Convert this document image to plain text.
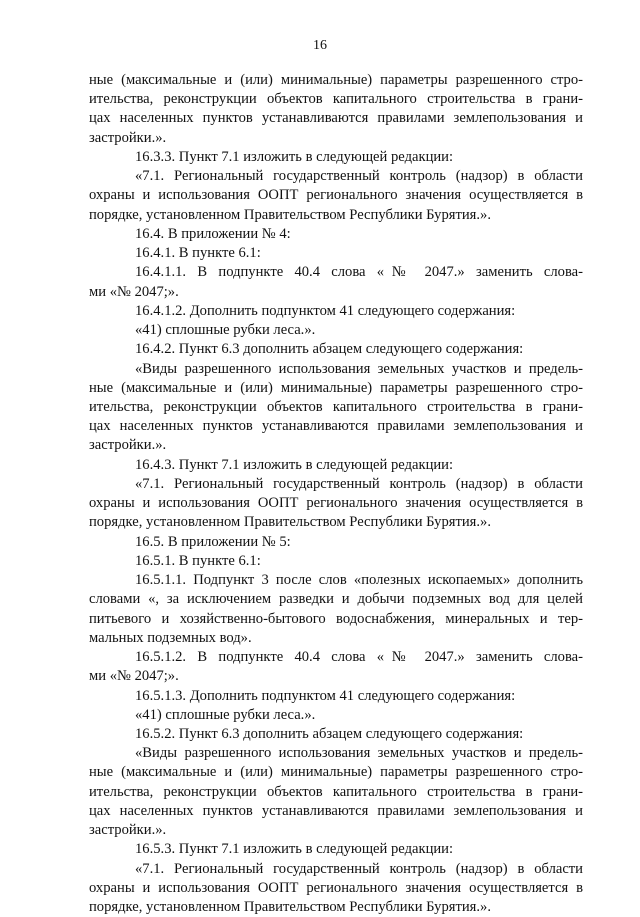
16
ные (максимальные и (или) минимальные) параметры разрешенного стро-
ительства, реконструкции объектов капитального строительства в грани-
цах населенных пунктов устанавливаются правилами землепользования и
застройки.».
16.3.3. Пункт 7.1 изложить в следующей редакции:
«7.1. Региональный государственный контроль (надзор) в области
охраны и использования ООПТ регионального значения осуществляется в
порядке, установленном Правительством Республики Бурятия.».
16.4. В приложении № 4:
16.4.1. В пункте 6.1:
16.4.1.1. В подпункте 40.4 слова «№ 2047.» заменить слова-
ми «№ 2047;».
16.4.1.2. Дополнить подпунктом 41 следующего содержания:
«41) сплошные рубки леса.».
16.4.2. Пункт 6.3 дополнить абзацем следующего содержания:
«Виды разрешенного использования земельных участков и предель-
ные (максимальные и (или) минимальные) параметры разрешенного стро-
ительства, реконструкции объектов капитального строительства в грани-
цах населенных пунктов устанавливаются правилами землепользования и
застройки.».
16.4.3. Пункт 7.1 изложить в следующей редакции:
«7.1. Региональный государственный контроль (надзор) в области
охраны и использования ООПТ регионального значения осуществляется в
порядке, установленном Правительством Республики Бурятия.».
16.5. В приложении № 5:
16.5.1. В пункте 6.1:
16.5.1.1. Подпункт 3 после слов «полезных ископаемых» дополнить
словами «, за исключением разведки и добычи подземных вод для целей
питьевого и хозяйственно-бытового водоснабжения, минеральных и тер-
мальных подземных вод».
16.5.1.2. В подпункте 40.4 слова «№ 2047.» заменить слова-
ми «№ 2047;».
16.5.1.3. Дополнить подпунктом 41 следующего содержания:
«41) сплошные рубки леса.».
16.5.2. Пункт 6.3 дополнить абзацем следующего содержания:
«Виды разрешенного использования земельных участков и предель-
ные (максимальные и (или) минимальные) параметры разрешенного стро-
ительства, реконструкции объектов капитального строительства в грани-
цах населенных пунктов устанавливаются правилами землепользования и
застройки.».
16.5.3. Пункт 7.1 изложить в следующей редакции:
«7.1. Региональный государственный контроль (надзор) в области
охраны и использования ООПТ регионального значения осуществляется в
порядке, установленном Правительством Республики Бурятия.».
